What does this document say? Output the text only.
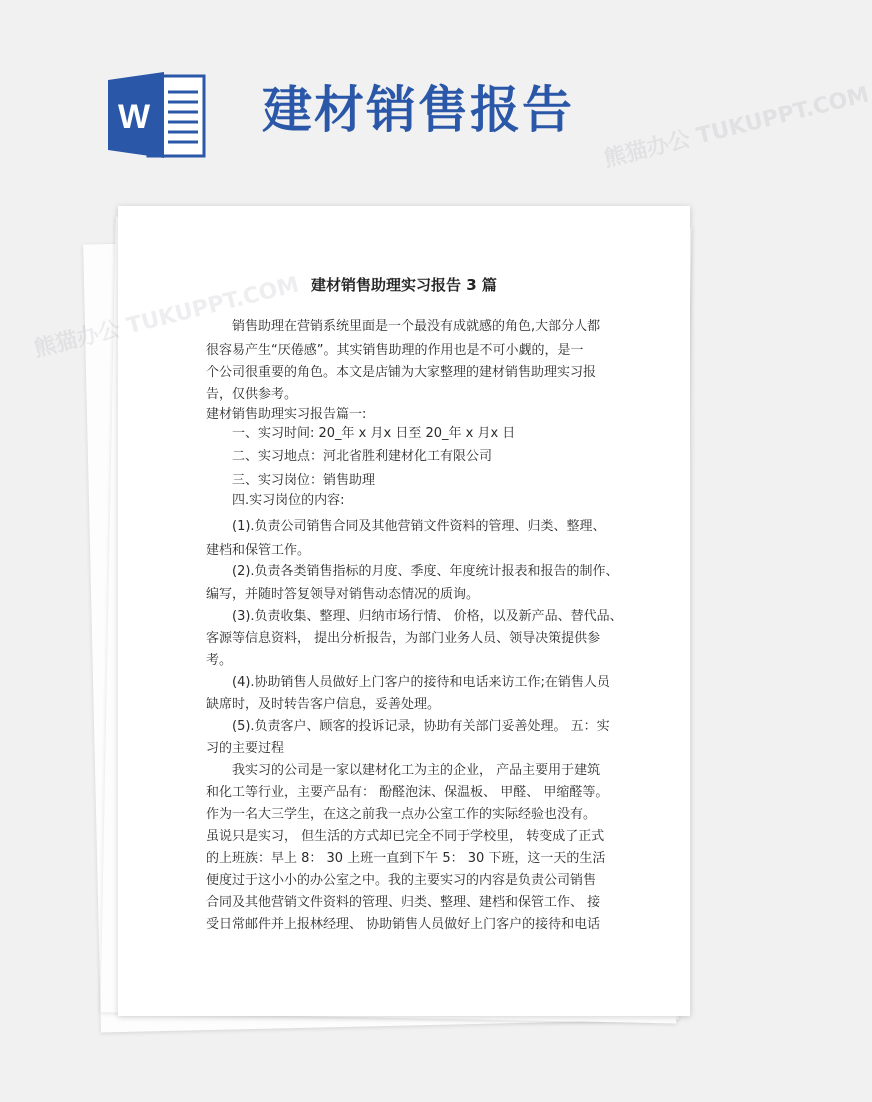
W 建材销售报告
建材销售助理实习报告 3 篇
销售助理在营销系统里面是一个最没有成就感的角色,大部分人都
很容易产生“厌倦感”。其实销售助理的作用也是不可小觑的，是一
个公司很重要的角色。本文是店铺为大家整理的建材销售助理实习报
告，仅供参考。
建材销售助理实习报告篇一:
一、实习时间: 20_年 x 月x 日至 20_年 x 月x 日
二、实习地点：河北省胜利建材化工有限公司
三、实习岗位：销售助理
四.实习岗位的内容:
(1).负责公司销售合同及其他营销文件资料的管理、归类、整理、
建档和保管工作。
(2).负责各类销售指标的月度、季度、年度统计报表和报告的制作、
编写，并随时答复领导对销售动态情况的质询。
(3).负责收集、整理、归纳市场行情、 价格，以及新产品、替代品、
客源等信息资料， 提出分析报告，为部门业务人员、领导决策提供参
考。
(4).协助销售人员做好上门客户的接待和电话来访工作;在销售人员
缺席时，及时转告客户信息，妥善处理。
(5).负责客户、顾客的投诉记录，协助有关部门妥善处理。 五：实
习的主要过程
我实习的公司是一家以建材化工为主的企业， 产品主要用于建筑
和化工等行业，主要产品有： 酚醛泡沫、保温板、 甲醛、 甲缩醛等。
作为一名大三学生，在这之前我一点办公室工作的实际经验也没有。
虽说只是实习， 但生活的方式却已完全不同于学校里， 转变成了正式
的上班族：早上 8： 30 上班一直到下午 5： 30 下班，这一天的生活
便度过于这小小的办公室之中。我的主要实习的内容是负责公司销售
合同及其他营销文件资料的管理、归类、整理、建档和保管工作、 接
受日常邮件并上报林经理、 协助销售人员做好上门客户的接待和电话
熊猫办公
熊猫办公 TUKUPPT.COM
